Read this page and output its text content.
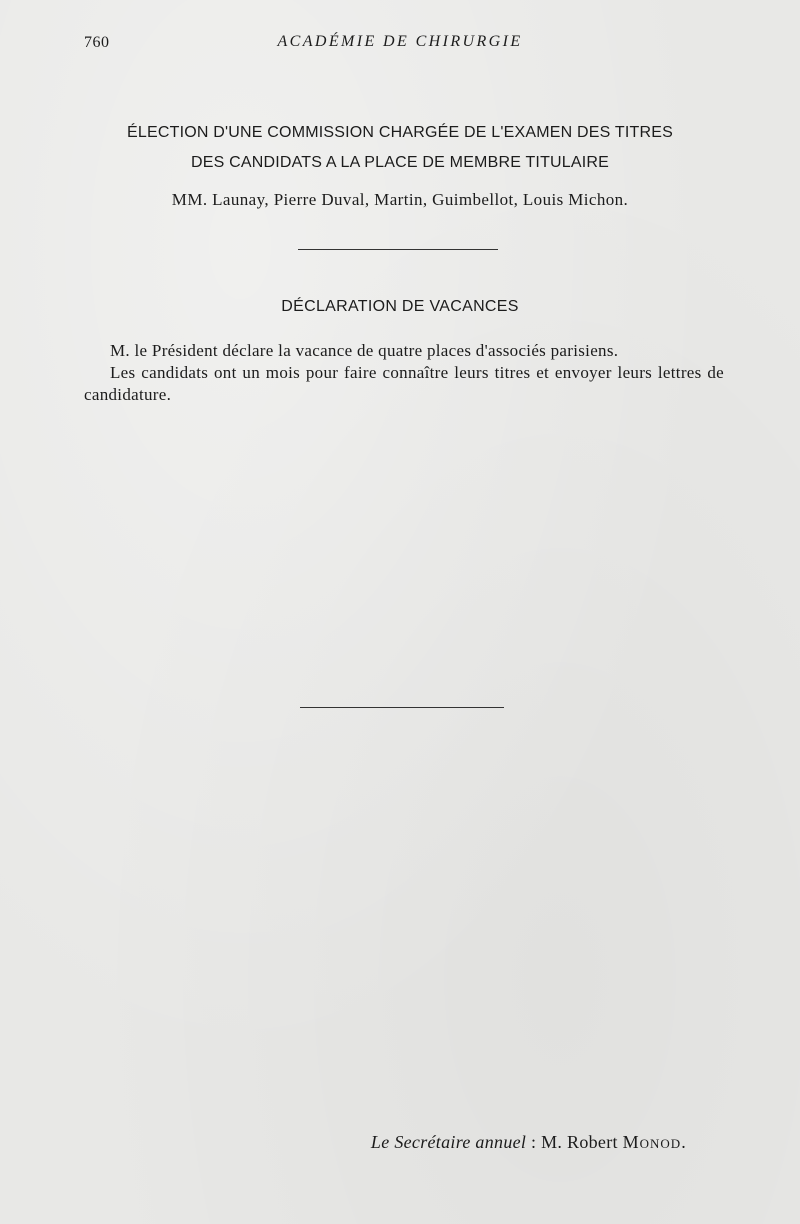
760	ACADÉMIE DE CHIRURGIE
ÉLECTION D'UNE COMMISSION CHARGÉE DE L'EXAMEN DES TITRES
DES CANDIDATS A LA PLACE DE MEMBRE TITULAIRE
MM. Launay, Pierre Duval, Martin, Guimbellot, Louis Michon.
DÉCLARATION DE VACANCES

M. le Président déclare la vacance de quatre places d'associés parisiens.

Les candidats ont un mois pour faire connaître leurs titres et envoyer leurs lettres de candidature.

Le Secrétaire annuel : M. Robert Monod.
